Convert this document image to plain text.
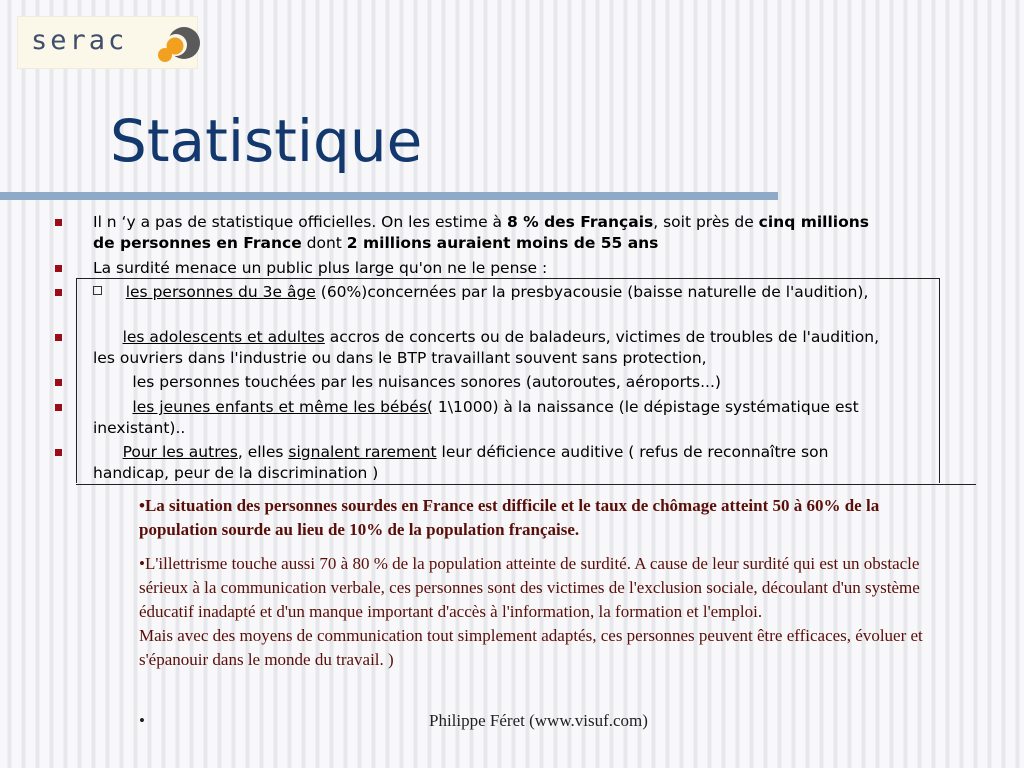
serac
Statistique
Il n ‘y a pas de statistique officielles. On les estime à 8 % des Français, soit près de cinq millions de personnes en France dont 2 millions auraient moins de 55 ans
La surdité menace un public plus large qu'on ne le pense :
les personnes du 3e âge (60%)concernées par la presbyacousie (baisse naturelle de l'audition),
les adolescents et adultes accros de concerts ou de baladeurs, victimes de troubles de l'audition, les ouvriers dans l'industrie ou dans le BTP travaillant souvent sans protection,
les personnes touchées par les nuisances sonores (autoroutes, aéroports...)
les jeunes enfants et même les bébés( 1\1000) à la naissance (le dépistage systématique est inexistant)..
Pour les autres, elles signalent rarement leur déficience auditive ( refus de reconnaître son handicap, peur de la discrimination )

•La situation des personnes sourdes en France est difficile et le taux de chômage atteint 50 à 60% de la population sourde au lieu de 10% de la population française.

•L'illettrisme touche aussi 70 à 80 % de la population atteinte de surdité. A cause de leur surdité qui est un obstacle sérieux à la communication verbale, ces personnes sont des victimes de l'exclusion sociale, découlant d'un système éducatif inadapté et d'un manque important d'accès à l'information, la formation et l'emploi.

Mais avec des moyens de communication tout simplement adaptés, ces personnes peuvent être efficaces, évoluer et s'épanouir dans le monde du travail. )

•	Philippe Féret (www.visuf.com)
